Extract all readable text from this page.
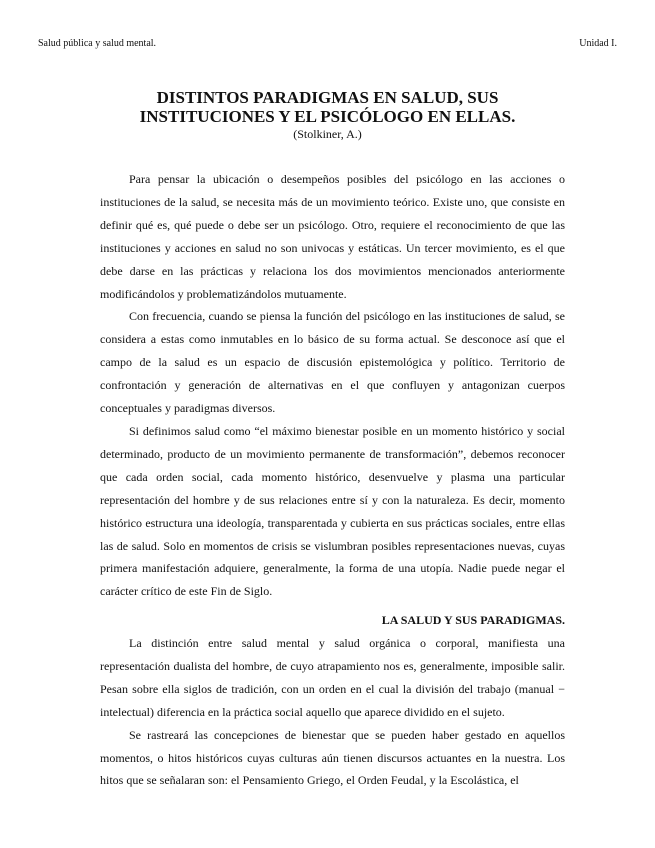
Salud pública y salud mental.	Unidad I.
DISTINTOS PARADIGMAS EN SALUD, SUS
INSTITUCIONES Y EL PSICÓLOGO EN ELLAS.
(Stolkiner, A.)

Para pensar la ubicación o desempeños posibles del psicólogo en las acciones o instituciones de la salud, se necesita más de un movimiento teórico. Existe uno, que consiste en definir qué es, qué puede o debe ser un psicólogo. Otro, requiere el reconocimiento de que las instituciones y acciones en salud no son univocas y estáticas. Un tercer movimiento, es el que debe darse en las prácticas y relaciona los dos movimientos mencionados anteriormente modificándolos y problematizándolos mutuamente.

Con frecuencia, cuando se piensa la función del psicólogo en las instituciones de salud, se considera a estas como inmutables en lo básico de su forma actual. Se desconoce así que el campo de la salud es un espacio de discusión epistemológica y político. Territorio de confrontación y generación de alternativas en el que confluyen y antagonizan cuerpos conceptuales y paradigmas diversos.

Si definimos salud como “el máximo bienestar posible en un momento histórico y social determinado, producto de un movimiento permanente de transformación”, debemos reconocer que cada orden social, cada momento histórico, desenvuelve y plasma una particular representación del hombre y de sus relaciones entre sí y con la naturaleza. Es decir, momento histórico estructura una ideología, transparentada y cubierta en sus prácticas sociales, entre ellas las de salud. Solo en momentos de crisis se vislumbran posibles representaciones nuevas, cuyas primera manifestación adquiere, generalmente, la forma de una utopía. Nadie puede negar el carácter crítico de este Fin de Siglo.

LA SALUD Y SUS PARADIGMAS.

La distinción entre salud mental y salud orgánica o corporal, manifiesta una representación dualista del hombre, de cuyo atrapamiento nos es, generalmente, imposible salir. Pesan sobre ella siglos de tradición, con un orden en el cual la división del trabajo (manual − intelectual) diferencia en la práctica social aquello que aparece dividido en el sujeto.

Se rastreará las concepciones de bienestar que se pueden haber gestado en aquellos momentos, o hitos históricos cuyas culturas aún tienen discursos actuantes en la nuestra. Los hitos que se señalaran son: el Pensamiento Griego, el Orden Feudal, y la Escolástica, el
